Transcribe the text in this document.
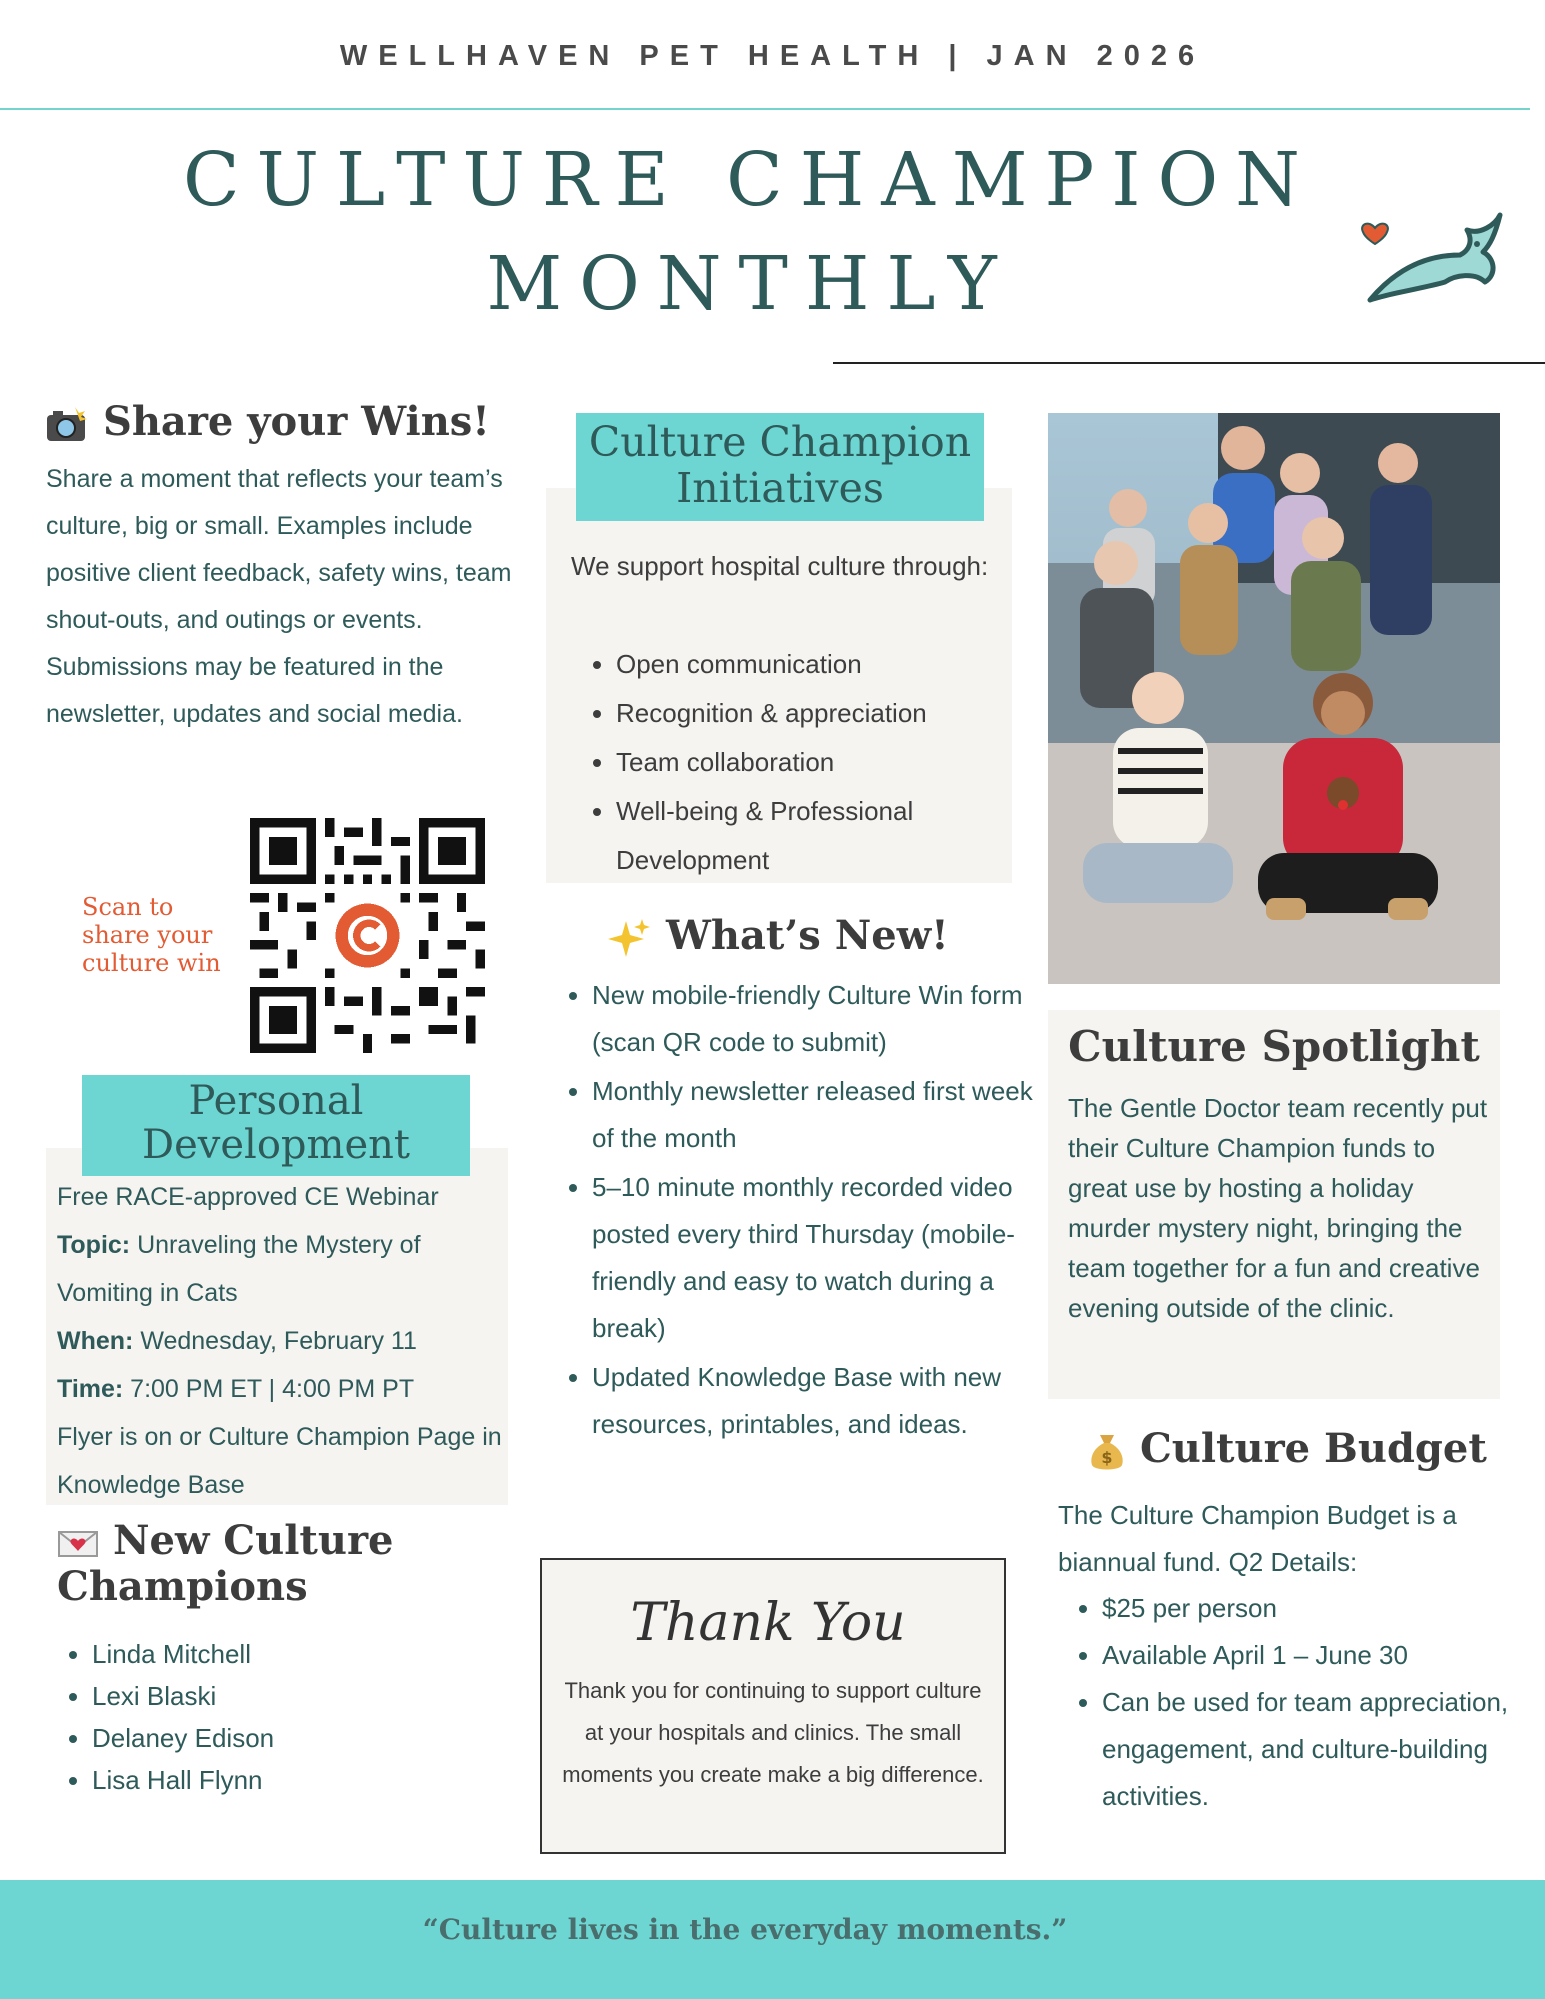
WELLHAVEN PET HEALTH | JAN 2026
CULTURE CHAMPION
MONTHLY
Share your Wins!
Share a moment that reflects your team’s culture, big or small. Examples include positive client feedback, safety wins, team shout-outs, and outings or events. Submissions may be featured in the newsletter, updates and social media.
Scan to share your culture win
Personal Development
Free RACE-approved CE Webinar
Topic: Unraveling the Mystery of Vomiting in Cats
When: Wednesday, February 11
Time: 7:00 PM ET | 4:00 PM PT
Flyer is on or Culture Champion Page in Knowledge Base
New Culture Champions
• Linda Mitchell
• Lexi Blaski
• Delaney Edison
• Lisa Hall Flynn
Culture Champion Initiatives
We support hospital culture through:
• Open communication
• Recognition & appreciation
• Team collaboration
• Well-being & Professional Development
What’s New!
• New mobile-friendly Culture Win form (scan QR code to submit)
• Monthly newsletter released first week of the month
• 5–10 minute monthly recorded video posted every third Thursday (mobile-friendly and easy to watch during a break)
• Updated Knowledge Base with new resources, printables, and ideas.
Thank You
Thank you for continuing to support culture at your hospitals and clinics. The small moments you create make a big difference.
Culture Spotlight
The Gentle Doctor team recently put their Culture Champion funds to great use by hosting a holiday murder mystery night, bringing the team together for a fun and creative evening outside of the clinic.
$ Culture Budget
The Culture Champion Budget is a biannual fund. Q2 Details:
• $25 per person
• Available April 1 – June 30
• Can be used for team appreciation, engagement, and culture-building activities.
“Culture lives in the everyday moments.”
